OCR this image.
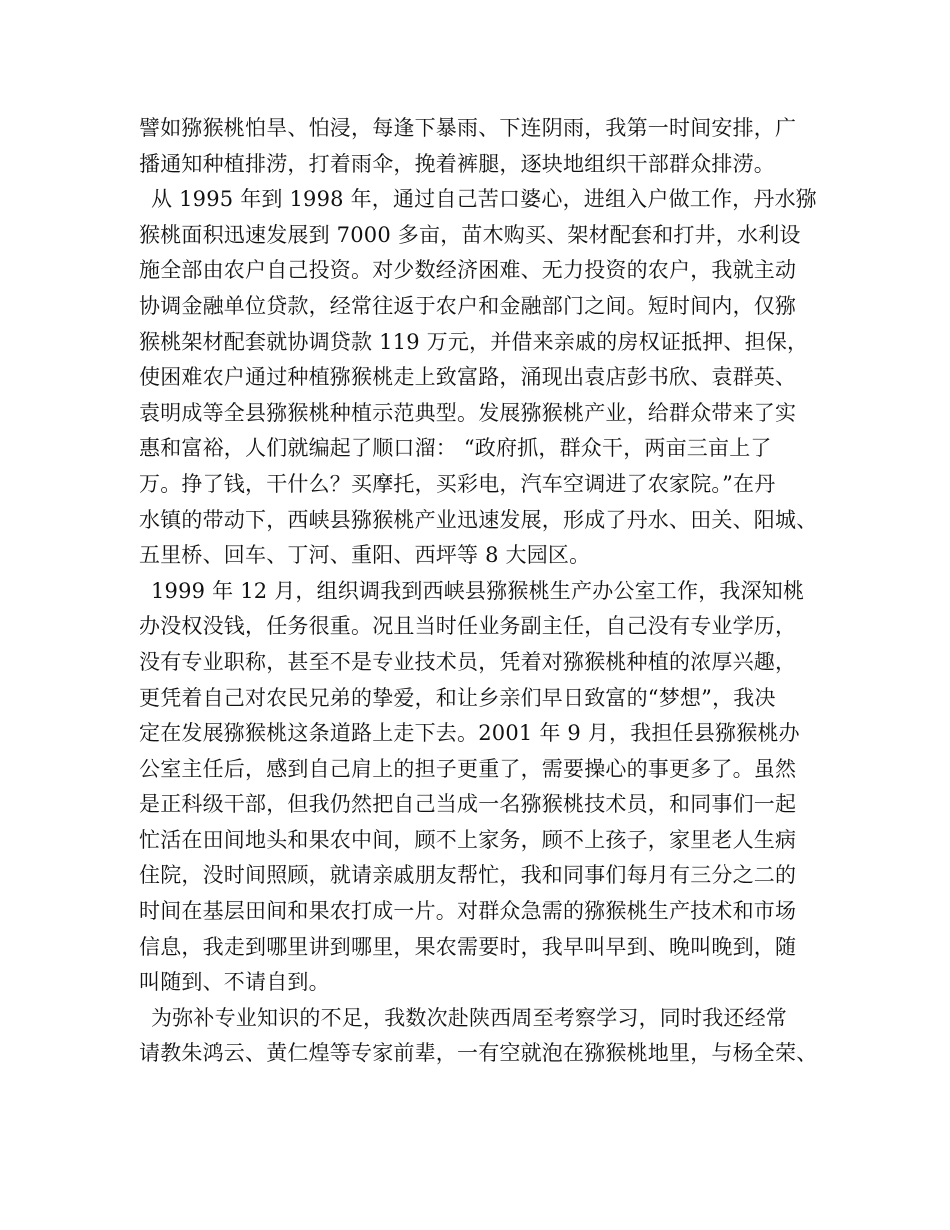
譬如猕猴桃怕旱、怕浸，每逢下暴雨、下连阴雨，我第一时间安排，广
播通知种植排涝，打着雨伞，挽着裤腿，逐块地组织干部群众排涝。
从 1995 年到 1998 年，通过自己苦口婆心，进组入户做工作，丹水猕
猴桃面积迅速发展到 7000 多亩，苗木购买、架材配套和打井，水利设
施全部由农户自己投资。对少数经济困难、无力投资的农户，我就主动
协调金融单位贷款，经常往返于农户和金融部门之间。短时间内，仅猕
猴桃架材配套就协调贷款 119 万元，并借来亲戚的房权证抵押、担保，
使困难农户通过种植猕猴桃走上致富路，涌现出袁店彭书欣、袁群英、
袁明成等全县猕猴桃种植示范典型。发展猕猴桃产业，给群众带来了实
惠和富裕，人们就编起了顺口溜： “政府抓，群众干，两亩三亩上了
万。挣了钱，干什么？买摩托，买彩电，汽车空调进了农家院。”在丹
水镇的带动下，西峡县猕猴桃产业迅速发展，形成了丹水、田关、阳城、
五里桥、回车、丁河、重阳、西坪等 8 大园区。
1999 年 12 月，组织调我到西峡县猕猴桃生产办公室工作，我深知桃
办没权没钱，任务很重。况且当时任业务副主任，自己没有专业学历，
没有专业职称，甚至不是专业技术员，凭着对猕猴桃种植的浓厚兴趣，
更凭着自己对农民兄弟的挚爱，和让乡亲们早日致富的“梦想”，我决
定在发展猕猴桃这条道路上走下去。2001 年 9 月，我担任县猕猴桃办
公室主任后，感到自己肩上的担子更重了，需要操心的事更多了。虽然
是正科级干部，但我仍然把自己当成一名猕猴桃技术员，和同事们一起
忙活在田间地头和果农中间，顾不上家务，顾不上孩子，家里老人生病
住院，没时间照顾，就请亲戚朋友帮忙，我和同事们每月有三分之二的
时间在基层田间和果农打成一片。对群众急需的猕猴桃生产技术和市场
信息，我走到哪里讲到哪里，果农需要时，我早叫早到、晚叫晚到，随
叫随到、不请自到。
为弥补专业知识的不足，我数次赴陕西周至考察学习，同时我还经常
请教朱鸿云、黄仁煌等专家前辈，一有空就泡在猕猴桃地里，与杨全荣、
